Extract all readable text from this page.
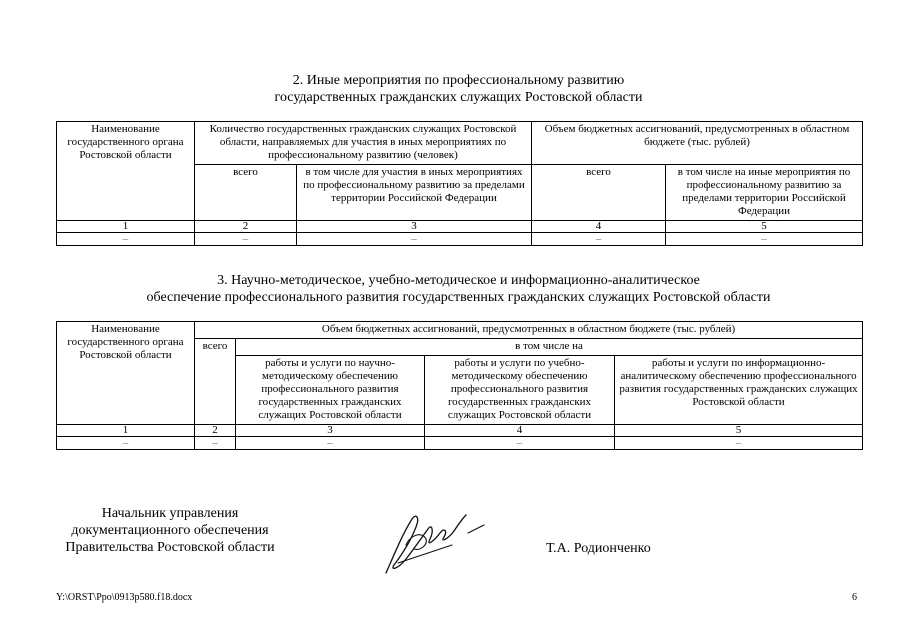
2. Иные мероприятия по профессиональному развитию
государственных гражданских служащих Ростовской области
Наименование государственного органа Ростовской области	Количество государственных гражданских служащих Ростовской области, направляемых для участия в иных мероприятиях по профессиональному развитию (человек)		Объем бюджетных ассигнований, предусмотренных в областном бюджете (тыс. рублей)	
	всего	в том числе для участия в иных мероприятиях по профессиональному развитию за пределами территории Российской Федерации	всего	в том числе на иные мероприятия по профессиональному развитию за пределами территории Российской Федерации
1	2	3	4	5
–	–	–	–	–
3. Научно-методическое, учебно-методическое и информационно-аналитическое
обеспечение профессионального развития государственных гражданских служащих Ростовской области
Наименование государственного органа Ростовской области	Объем бюджетных ассигнований, предусмотренных в областном бюджете (тыс. рублей)			
	всего	в том числе на		
		работы и услуги по научно-методическому обеспечению профессионального развития государственных гражданских служащих Ростовской области	работы и услуги по учебно-методическому обеспечению профессионального развития государственных гражданских служащих Ростовской области	работы и услуги по информационно-аналитическому обеспечению профессионального развития государственных гражданских служащих Ростовской области
1	2	3	4	5
–	–	–	–	–
Начальник управления
документационного обеспечения
Правительства Ростовской области	Т.А. Родионченко
Y:\ORST\Ppo\0913p580.f18.docx	6
